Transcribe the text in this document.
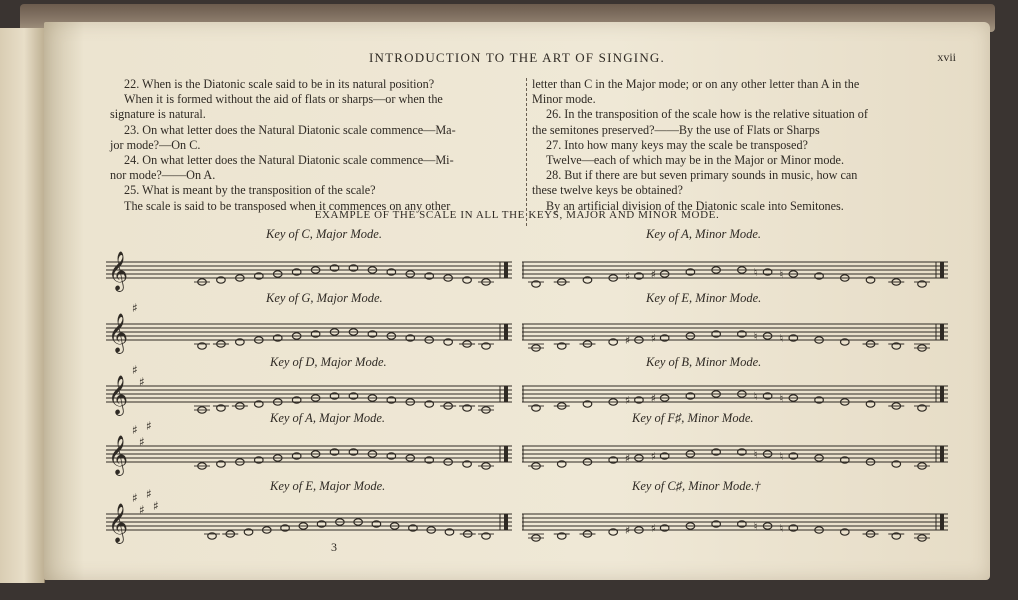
INTRODUCTION TO THE ART OF SINGING.	xvii

22. When is the Diatonic scale said to be in its natural position?

When it is formed without the aid of flats or sharps—or when the

signature is natural.

23. On what letter does the Natural Diatonic scale commence—Ma-

jor mode?—On C.

24. On what letter does the Natural Diatonic scale commence—Mi-

nor mode?——On A.

25. What is meant by the transposition of the scale?

The scale is said to be transposed when it commences on any other

letter than C in the Major mode; or on any other letter than A in the

Minor mode.

26. In the transposition of the scale how is the relative situation of

the semitones preserved?——By the use of Flats or Sharps

27. Into how many keys may the scale be transposed?

Twelve—each of which may be in the Major or Minor mode.

28. But if there are but seven primary sounds in music, how can

these twelve keys be obtained?

By an artificial division of the Diatonic scale into Semitones.

EXAMPLE OF THE SCALE IN ALL THE KEYS, MAJOR AND MINOR MODE.
Key of C, Major Mode.	Key of A, Minor Mode.
Key of G, Major Mode.	Key of E, Minor Mode.
Key of D, Major Mode.	Key of B, Minor Mode.
Key of A, Major Mode.	Key of F♯, Minor Mode.
Key of E, Major Mode.	Key of C♯, Minor Mode.†
𝄞	♯ ♯	♮ ♮
𝄞
♯
♯ ♯	♮ ♮
𝄞
♯
♯
♯ ♯	♮ ♮
𝄞
♯
♯
♯
♯ ♯	♮ ♮
𝄞
♯
♯
♯
♯
♯ ♯	♮ ♮
3
